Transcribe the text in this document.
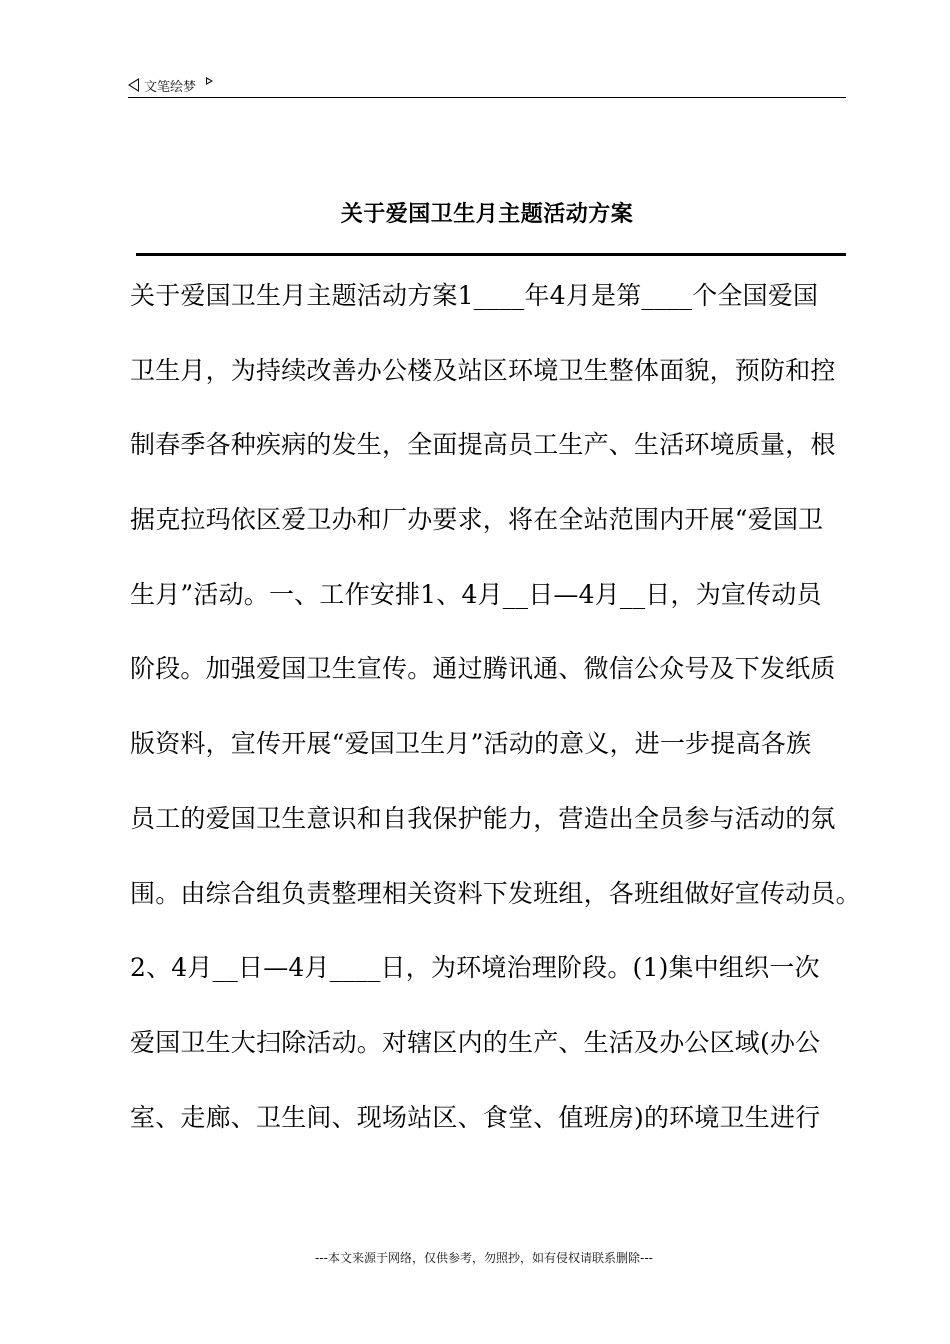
文笔绘梦
关于爱国卫生月主题活动方案
关于爱国卫生月主题活动方案1____年4月是第____个全国爱国
卫生月，为持续改善办公楼及站区环境卫生整体面貌，预防和控
制春季各种疾病的发生，全面提高员工生产、生活环境质量，根
据克拉玛依区爱卫办和厂办要求，将在全站范围内开展“爱国卫
生月”活动。一、工作安排1、4月__日—4月__日，为宣传动员
阶段。加强爱国卫生宣传。通过腾讯通、微信公众号及下发纸质
版资料，宣传开展“爱国卫生月”活动的意义，进一步提高各族
员工的爱国卫生意识和自我保护能力，营造出全员参与活动的氛
围。由综合组负责整理相关资料下发班组，各班组做好宣传动员。
2、4月__日—4月____日，为环境治理阶段。(1)集中组织一次
爱国卫生大扫除活动。对辖区内的生产、生活及办公区域(办公
室、走廊、卫生间、现场站区、食堂、值班房)的环境卫生进行
---本文来源于网络，仅供参考，勿照抄，如有侵权请联系删除---
